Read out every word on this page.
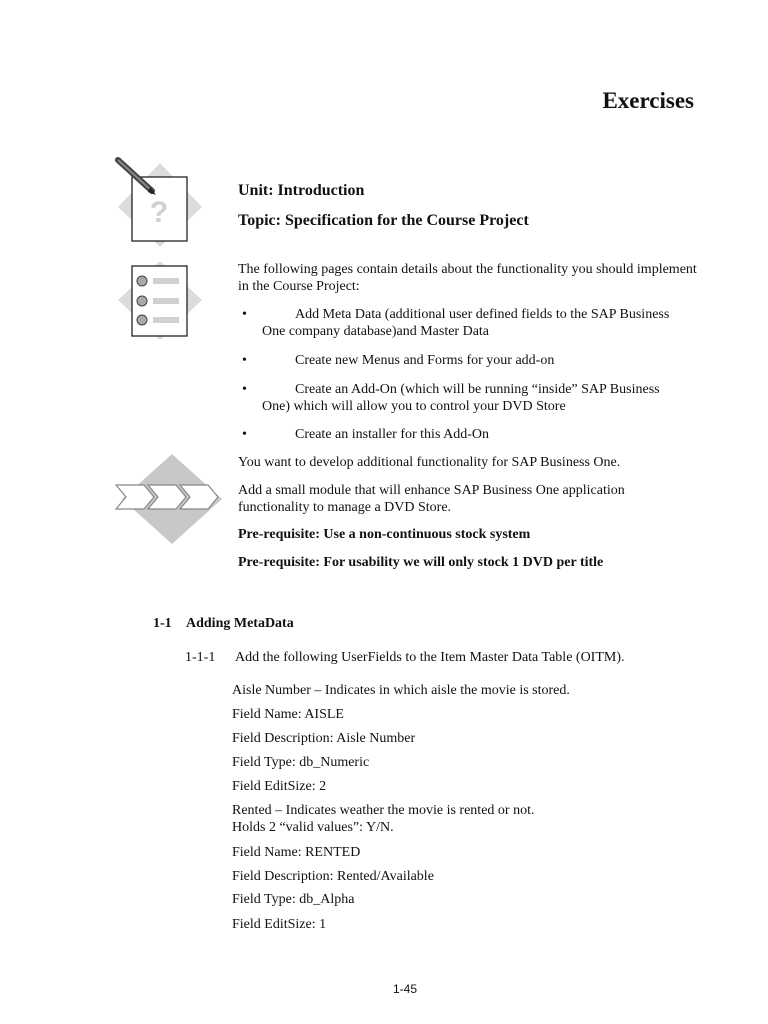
Exercises
?
Unit: Introduction
Topic: Specification for the Course Project
The following pages contain details about the functionality you should implement in the Course Project:
•	Add Meta Data (additional user defined fields to the SAP Business One company database)and Master Data
•	Create new Menus and Forms for your add-on
•	Create an Add-On (which will be running “inside” SAP Business One) which will allow you to control your DVD Store
•	Create an installer for this Add-On
You want to develop additional functionality for SAP Business One.
Add a small module that will enhance SAP Business One application functionality to manage a DVD Store.
Pre-requisite: Use a non-continuous stock system
Pre-requisite: For usability we will only stock 1 DVD per title
1-1 Adding MetaData
1-1-1 Add the following UserFields to the Item Master Data Table (OITM).
Aisle Number – Indicates in which aisle the movie is stored.
Field Name: AISLE
Field Description: Aisle Number
Field Type: db_Numeric
Field EditSize: 2
Rented – Indicates weather the movie is rented or not.
Holds 2 “valid values”: Y/N.
Field Name: RENTED
Field Description: Rented/Available
Field Type: db_Alpha
Field EditSize: 1
1-45
